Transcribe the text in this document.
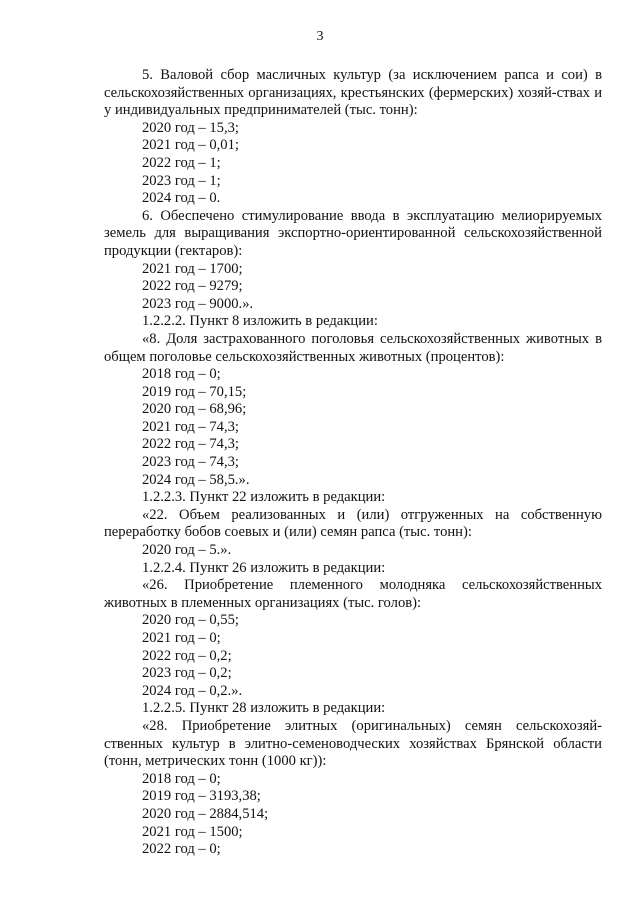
3
5. Валовой сбор масличных культур (за исключением рапса и сои) в сельскохозяйственных организациях, крестьянских (фермерских) хозяй-ствах и у индивидуальных предпринимателей (тыс. тонн):
2020 год – 15,3;
2021 год – 0,01;
2022 год – 1;
2023 год – 1;
2024 год – 0.
6. Обеспечено стимулирование ввода в эксплуатацию мелиорируемых земель для выращивания экспортно-ориентированной сельскохозяйственной продукции (гектаров):
2021 год – 1700;
2022 год – 9279;
2023 год – 9000.».
1.2.2.2. Пункт 8 изложить в редакции:
«8. Доля застрахованного поголовья сельскохозяйственных животных в общем поголовье сельскохозяйственных животных (процентов):
2018 год – 0;
2019 год – 70,15;
2020 год – 68,96;
2021 год – 74,3;
2022 год – 74,3;
2023 год – 74,3;
2024 год – 58,5.».
1.2.2.3. Пункт 22 изложить в редакции:
«22. Объем реализованных и (или) отгруженных на собственную переработку бобов соевых и (или) семян рапса (тыс. тонн):
2020 год – 5.».
1.2.2.4. Пункт 26 изложить в редакции:
«26. Приобретение племенного молодняка сельскохозяйственных животных в племенных организациях (тыс. голов):
2020 год – 0,55;
2021 год – 0;
2022 год – 0,2;
2023 год – 0,2;
2024 год – 0,2.».
1.2.2.5. Пункт 28 изложить в редакции:
«28. Приобретение элитных (оригинальных) семян сельскохозяй-ственных культур в элитно-семеноводческих хозяйствах Брянской области (тонн, метрических тонн (1000 кг)):
2018 год – 0;
2019 год – 3193,38;
2020 год – 2884,514;
2021 год – 1500;
2022 год – 0;
